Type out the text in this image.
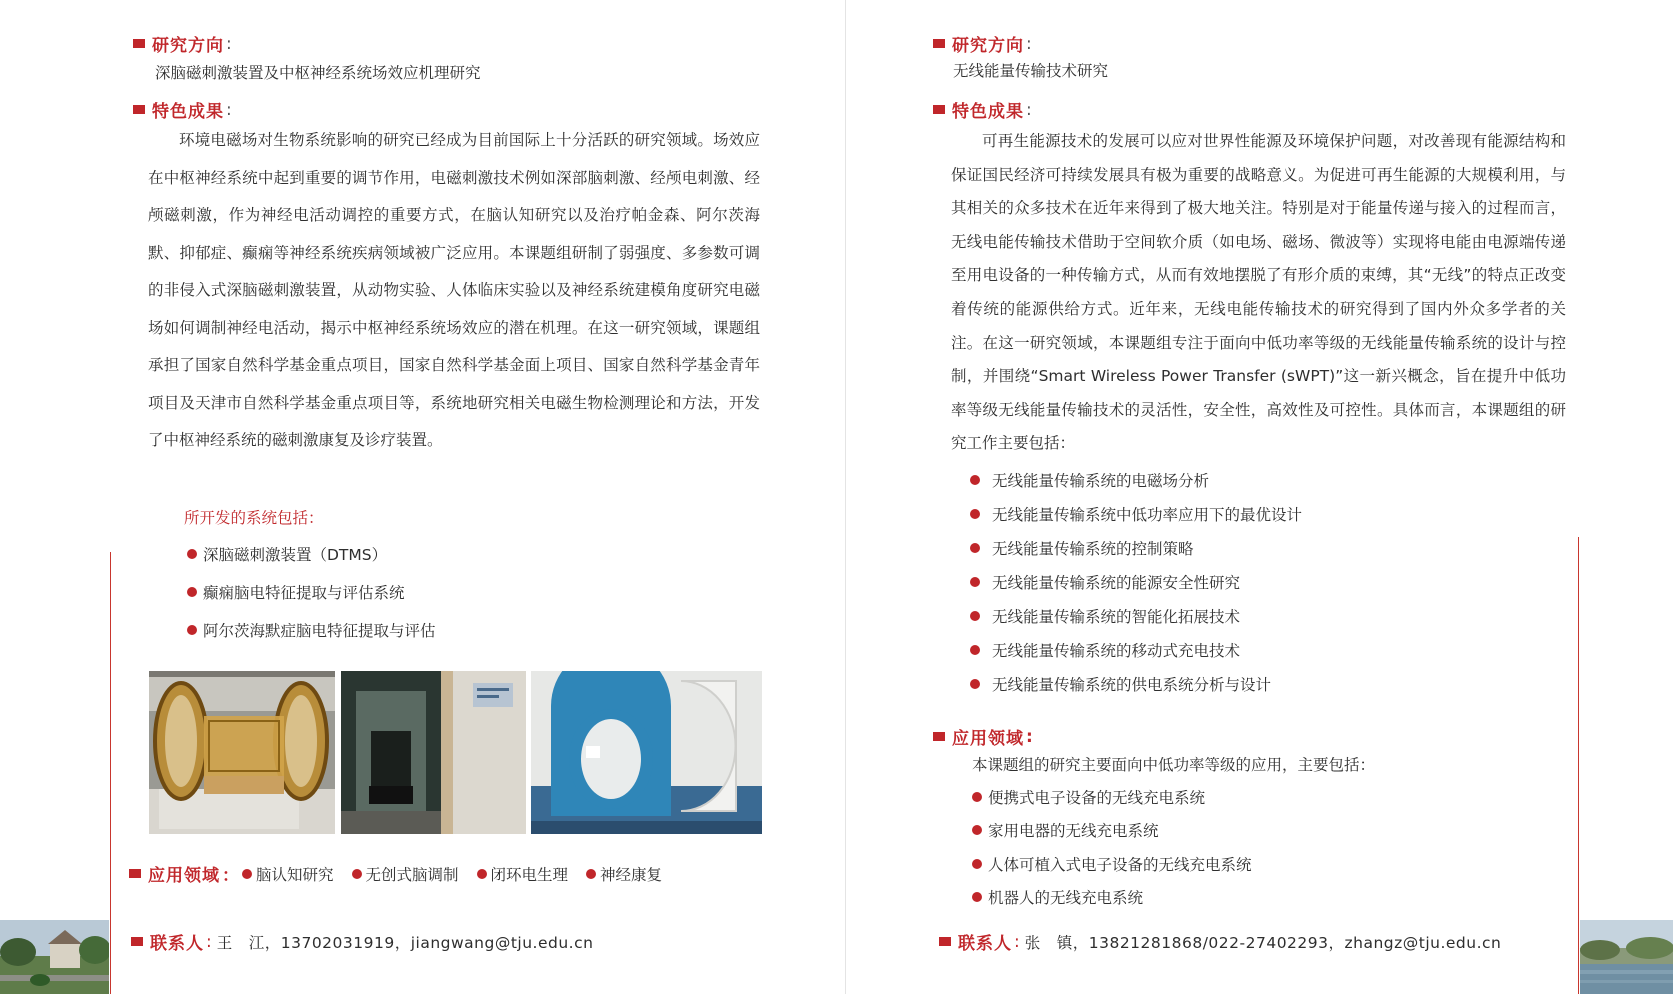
研究方向 :
深脑磁刺激装置及中枢神经系统场效应机理研究
特色成果 :
环境电磁场对生物系统影响的研究已经成为目前国际上十分活跃的研究领域。场效应在中枢神经系统中起到重要的调节作用，电磁刺激技术例如深部脑刺激、经颅电刺激、经颅磁刺激，作为神经电活动调控的重要方式，在脑认知研究以及治疗帕金森、阿尔茨海默、抑郁症、癫痫等神经系统疾病领域被广泛应用。本课题组研制了弱强度、多参数可调的非侵入式深脑磁刺激装置，从动物实验、人体临床实验以及神经系统建模角度研究电磁场如何调制神经电活动，揭示中枢神经系统场效应的潜在机理。在这一研究领域，课题组承担了国家自然科学基金重点项目，国家自然科学基金面上项目、国家自然科学基金青年项目及天津市自然科学基金重点项目等，系统地研究相关电磁生物检测理论和方法，开发了中枢神经系统的磁刺激康复及诊疗装置。
所开发的系统包括：
深脑磁刺激装置（DTMS）
癫痫脑电特征提取与评估系统
阿尔茨海默症脑电特征提取与评估
应用领域 ： 脑认知研究 无创式脑调制 闭环电生理 神经康复
联系人 : 王　江，13702031919，jiangwang@tju.edu.cn
研究方向 :
无线能量传输技术研究
特色成果 :
可再生能源技术的发展可以应对世界性能源及环境保护问题，对改善现有能源结构和保证国民经济可持续发展具有极为重要的战略意义。为促进可再生能源的大规模利用，与其相关的众多技术在近年来得到了极大地关注。特别是对于能量传递与接入的过程而言，无线电能传输技术借助于空间软介质（如电场、磁场、微波等）实现将电能由电源端传递至用电设备的一种传输方式，从而有效地摆脱了有形介质的束缚，其“无线”的特点正改变着传统的能源供给方式。近年来，无线电能传输技术的研究得到了国内外众多学者的关注。在这一研究领域，本课题组专注于面向中低功率等级的无线能量传输系统的设计与控制，并围绕“Smart Wireless Power Transfer (sWPT)”这一新兴概念，旨在提升中低功率等级无线能量传输技术的灵活性，安全性，高效性及可控性。具体而言，本课题组的研究工作主要包括：
无线能量传输系统的电磁场分析
无线能量传输系统中低功率应用下的最优设计
无线能量传输系统的控制策略
无线能量传输系统的能源安全性研究
无线能量传输系统的智能化拓展技术
无线能量传输系统的移动式充电技术
无线能量传输系统的供电系统分析与设计
应用领域 :
本课题组的研究主要面向中低功率等级的应用，主要包括：
便携式电子设备的无线充电系统
家用电器的无线充电系统
人体可植入式电子设备的无线充电系统
机器人的无线充电系统
联系人 : 张　镇，13821281868/022-27402293，zhangz@tju.edu.cn
